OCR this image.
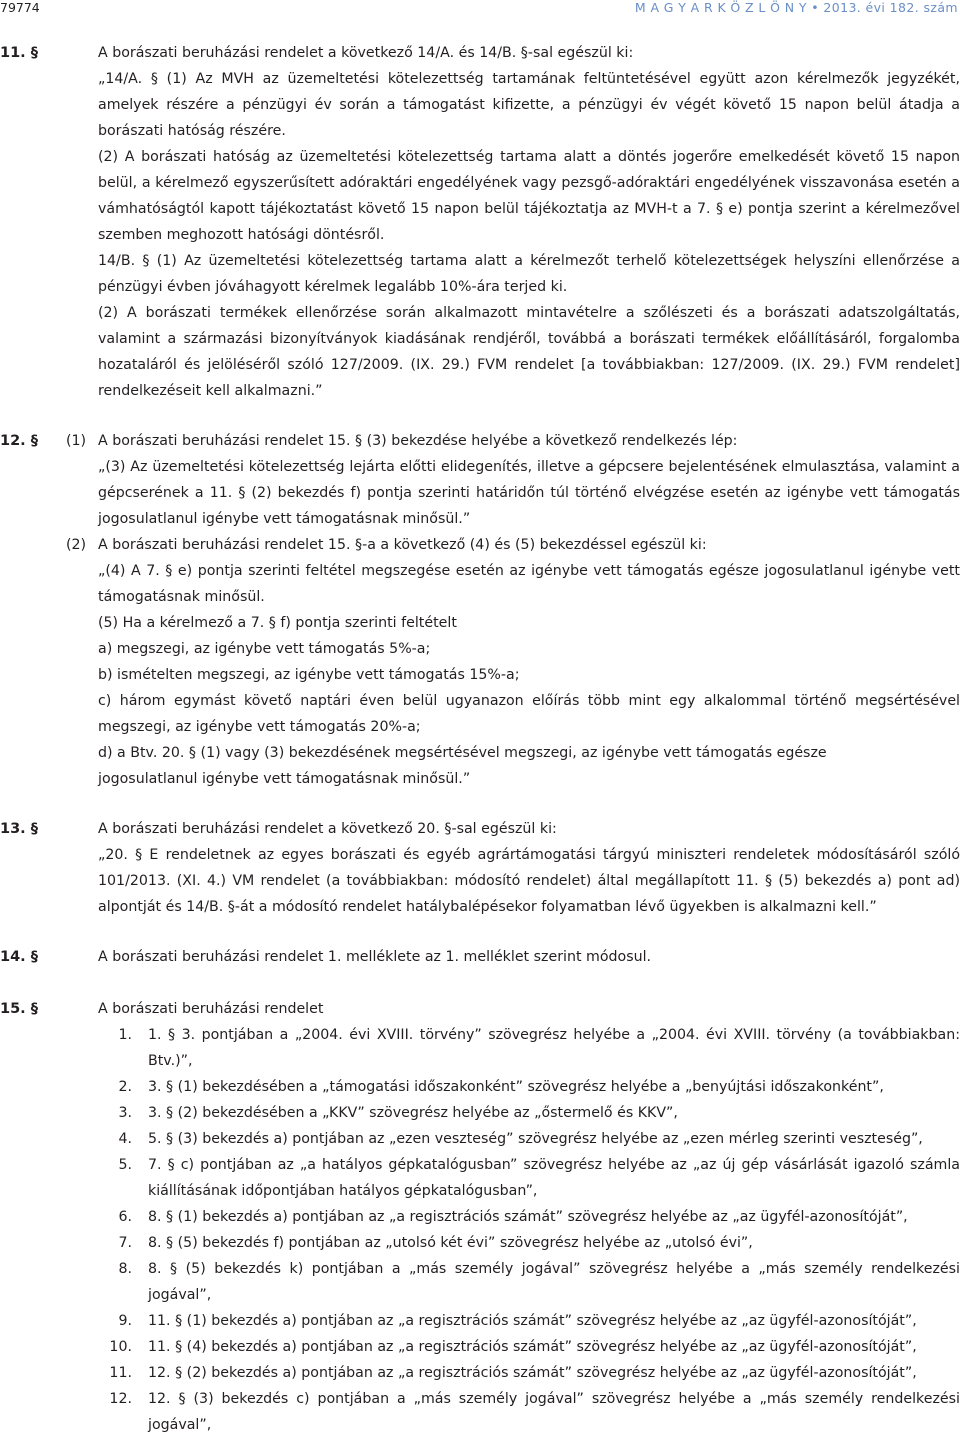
79774	M A G Y A R K Ö Z L Ö N Y • 2013. évi 182. szám
11. §	A borászati beruházási rendelet a következő 14/A. és 14/B. §-sal egészül ki:

„14/A. § (1) Az MVH az üzemeltetési kötelezettség tartamának feltüntetésével együtt azon kérelmezők jegyzékét, amelyek részére a pénzügyi év során a támogatást kifizette, a pénzügyi év végét követő 15 napon belül átadja a borászati hatóság részére.

(2) A borászati hatóság az üzemeltetési kötelezettség tartama alatt a döntés jogerőre emelkedését követő 15 napon belül, a kérelmező egyszerűsített adóraktári engedélyének vagy pezsgő-adóraktári engedélyének visszavonása esetén a vámhatóságtól kapott tájékoztatást követő 15 napon belül tájékoztatja az MVH-t a 7. § e) pontja szerint a kérelmezővel szemben meghozott hatósági döntésről.

14/B. § (1) Az üzemeltetési kötelezettség tartama alatt a kérelmezőt terhelő kötelezettségek helyszíni ellenőrzése a pénzügyi évben jóváhagyott kérelmek legalább 10%-ára terjed ki.

(2) A borászati termékek ellenőrzése során alkalmazott mintavételre a szőlészeti és a borászati adatszolgáltatás, valamint a származási bizonyítványok kiadásának rendjéről, továbbá a borászati termékek előállításáról, forgalomba hozataláról és jelöléséről szóló 127/2009. (IX. 29.) FVM rendelet [a továbbiakban: 127/2009. (IX. 29.) FVM rendelet] rendelkezéseit kell alkalmazni.”

12. § (1) A borászati beruházási rendelet 15. § (3) bekezdése helyébe a következő rendelkezés lép:

„(3) Az üzemeltetési kötelezettség lejárta előtti elidegenítés, illetve a gépcsere bejelentésének elmulasztása, valamint a gépcserének a 11. § (2) bekezdés f) pontja szerinti határidőn túl történő elvégzése esetén az igénybe vett támogatás jogosulatlanul igénybe vett támogatásnak minősül.”

(2) A borászati beruházási rendelet 15. §-a a következő (4) és (5) bekezdéssel egészül ki:

„(4) A 7. § e) pontja szerinti feltétel megszegése esetén az igénybe vett támogatás egésze jogosulatlanul igénybe vett támogatásnak minősül.

(5) Ha a kérelmező a 7. § f) pontja szerinti feltételt

a) megszegi, az igénybe vett támogatás 5%-a;

b) ismételten megszegi, az igénybe vett támogatás 15%-a;

c) három egymást követő naptári éven belül ugyanazon előírás több mint egy alkalommal történő megsértésével megszegi, az igénybe vett támogatás 20%-a;

d) a Btv. 20. § (1) vagy (3) bekezdésének megsértésével megszegi, az igénybe vett támogatás egésze jogosulatlanul igénybe vett támogatásnak minősül.”

13. §	A borászati beruházási rendelet a következő 20. §-sal egészül ki:

„20. § E rendeletnek az egyes borászati és egyéb agrártámogatási tárgyú miniszteri rendeletek módosításáról szóló 101/2013. (XI. 4.) VM rendelet (a továbbiakban: módosító rendelet) által megállapított 11. § (5) bekezdés a) pont ad) alpontját és 14/B. §-át a módosító rendelet hatálybalépésekor folyamatban lévő ügyekben is alkalmazni kell.”

14. §	A borászati beruházási rendelet 1. melléklete az 1. melléklet szerint módosul.

15. §	A borászati beruházási rendelet
1. 1. § 3. pontjában a „2004. évi XVIII. törvény” szövegrész helyébe a „2004. évi XVIII. törvény (a továbbiakban: Btv.)”,
2. 3. § (1) bekezdésében a „támogatási időszakonként” szövegrész helyébe a „benyújtási időszakonként”,
3. 3. § (2) bekezdésében a „KKV” szövegrész helyébe az „őstermelő és KKV”,
4. 5. § (3) bekezdés a) pontjában az „ezen veszteség” szövegrész helyébe az „ezen mérleg szerinti veszteség”,
5. 7. § c) pontjában az „a hatályos gépkatalógusban” szövegrész helyébe az „az új gép vásárlását igazoló számla kiállításának időpontjában hatályos gépkatalógusban”,
6. 8. § (1) bekezdés a) pontjában az „a regisztrációs számát” szövegrész helyébe az „az ügyfél-azonosítóját”,
7. 8. § (5) bekezdés f) pontjában az „utolsó két évi” szövegrész helyébe az „utolsó évi”,
8. 8. § (5) bekezdés k) pontjában a „más személy jogával” szövegrész helyébe a „más személy rendelkezési jogával”,
9. 11. § (1) bekezdés a) pontjában az „a regisztrációs számát” szövegrész helyébe az „az ügyfél-azonosítóját”,
10. 11. § (4) bekezdés a) pontjában az „a regisztrációs számát” szövegrész helyébe az „az ügyfél-azonosítóját”,
11. 12. § (2) bekezdés a) pontjában az „a regisztrációs számát” szövegrész helyébe az „az ügyfél-azonosítóját”,
12. 12. § (3) bekezdés c) pontjában a „más személy jogával” szövegrész helyébe a „más személy rendelkezési jogával”,
